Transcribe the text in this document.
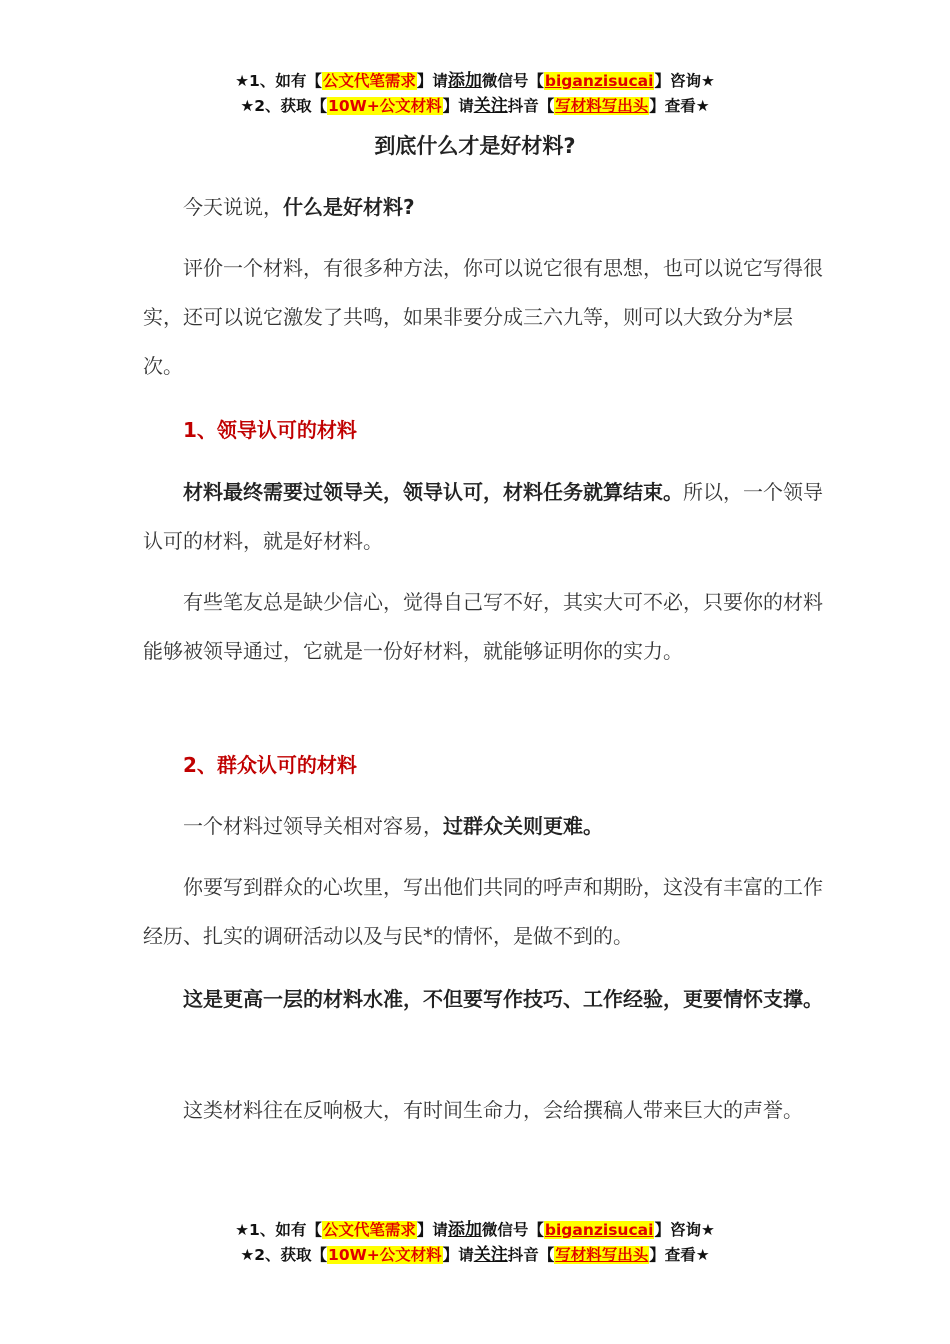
★1、如有【公文代笔需求】请添加微信号【biganzisucai】咨询★
★2、获取【10W+公文材料】请关注抖音【写材料写出头】查看★
到底什么才是好材料?

今天说说，什么是好材料?

评价一个材料，有很多种方法，你可以说它很有思想，也可以说它写得很实，还可以说它激发了共鸣，如果非要分成三六九等，则可以大致分为*层次。

1、领导认可的材料

材料最终需要过领导关，领导认可，材料任务就算结束。所以，一个领导认可的材料，就是好材料。

有些笔友总是缺少信心，觉得自己写不好，其实大可不必，只要你的材料能够被领导通过，它就是一份好材料，就能够证明你的实力。

2、群众认可的材料

一个材料过领导关相对容易，过群众关则更难。

你要写到群众的心坎里，写出他们共同的呼声和期盼，这没有丰富的工作经历、扎实的调研活动以及与民*的情怀，是做不到的。

这是更高一层的材料水准，不但要写作技巧、工作经验，更要情怀支撑。

这类材料往在反响极大，有时间生命力，会给撰稿人带来巨大的声誉。

★1、如有【公文代笔需求】请添加微信号【biganzisucai】咨询★
★2、获取【10W+公文材料】请关注抖音【写材料写出头】查看★
